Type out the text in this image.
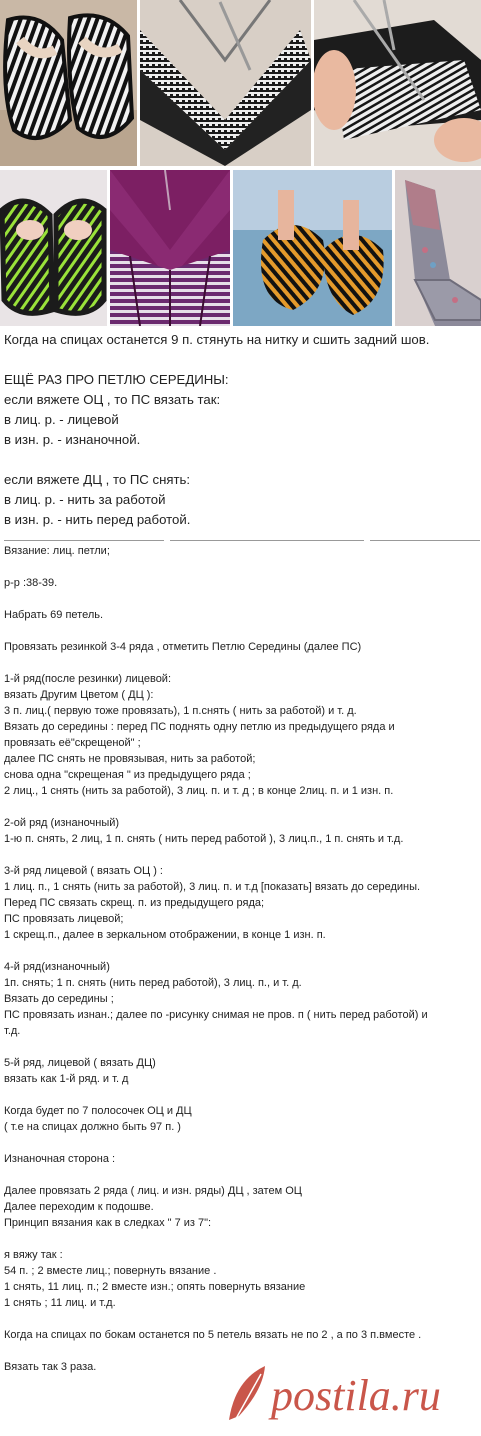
Когда на спицах останется 9 п. стянуть на нитку и сшить задний шов.
ЕЩЁ РАЗ ПРО ПЕТЛЮ СЕРЕДИНЫ:
если вяжете ОЦ , то ПС вязать так:
в лиц. р. - лицевой
в изн. р. - изнаночной.
если вяжете ДЦ , то ПС снять:
в лиц. р. - нить за работой
в изн. р. - нить перед работой.
Вязание: лиц. петли;
р-р :38-39.
Набрать 69 петель.
Провязать резинкой 3-4 ряда , отметить Петлю Середины (далее ПС)
1-й ряд(после резинки) лицевой:
вязать Другим Цветом ( ДЦ ):
3 п. лиц.( первую тоже провязать), 1 п.снять ( нить за работой) и т. д.
Вязать до середины : перед ПС поднять одну петлю из предыдущего ряда и
провязать её"скрещеной" ;
далее ПС снять не провязывая, нить за работой;
снова одна "скрещеная " из предыдущего ряда ;
2 лиц., 1 снять (нить за работой), 3 лиц. п. и т. д ; в конце 2лиц. п. и 1 изн. п.
2-ой ряд (изнаночный)
1-ю п. снять, 2 лиц, 1 п. снять ( нить перед работой ), 3 лиц.п., 1 п. снять и т.д.
3-й ряд лицевой ( вязать ОЦ ) :
1 лиц. п., 1 снять (нить за работой), 3 лиц. п. и т.д [показать] вязать до середины.
Перед ПС связать скрещ. п. из предыдущего ряда;
ПС провязать лицевой;
1 скрещ.п., далее в зеркальном отображении, в конце 1 изн. п.
4-й ряд(изнаночный)
1п. снять; 1 п. снять (нить перед работой), 3 лиц. п., и т. д.
Вязать до середины ;
ПС провязать изнан.; далее по -рисунку снимая не пров. п ( нить перед работой) и
т.д.
5-й ряд, лицевой ( вязать ДЦ)
вязать как 1-й ряд. и т. д
Когда будет по 7 полосочек ОЦ и ДЦ
( т.е на спицах должно быть 97 п. )
Изнаночная сторона :
Далее провязать 2 ряда ( лиц. и изн. ряды) ДЦ , затем ОЦ
Далее переходим к подошве.
Принцип вязания как в следках " 7 из 7":
я вяжу так :
54 п. ; 2 вместе лиц.; повернуть вязание .
1 снять, 11 лиц. п.; 2 вместе изн.; опять повернуть вязание
1 снять ; 11 лиц. и т.д.
Когда на спицах по бокам останется по 5 петель вязать не по 2 , а по 3 п.вместе .
Вязать так 3 раза.
postila.ru
